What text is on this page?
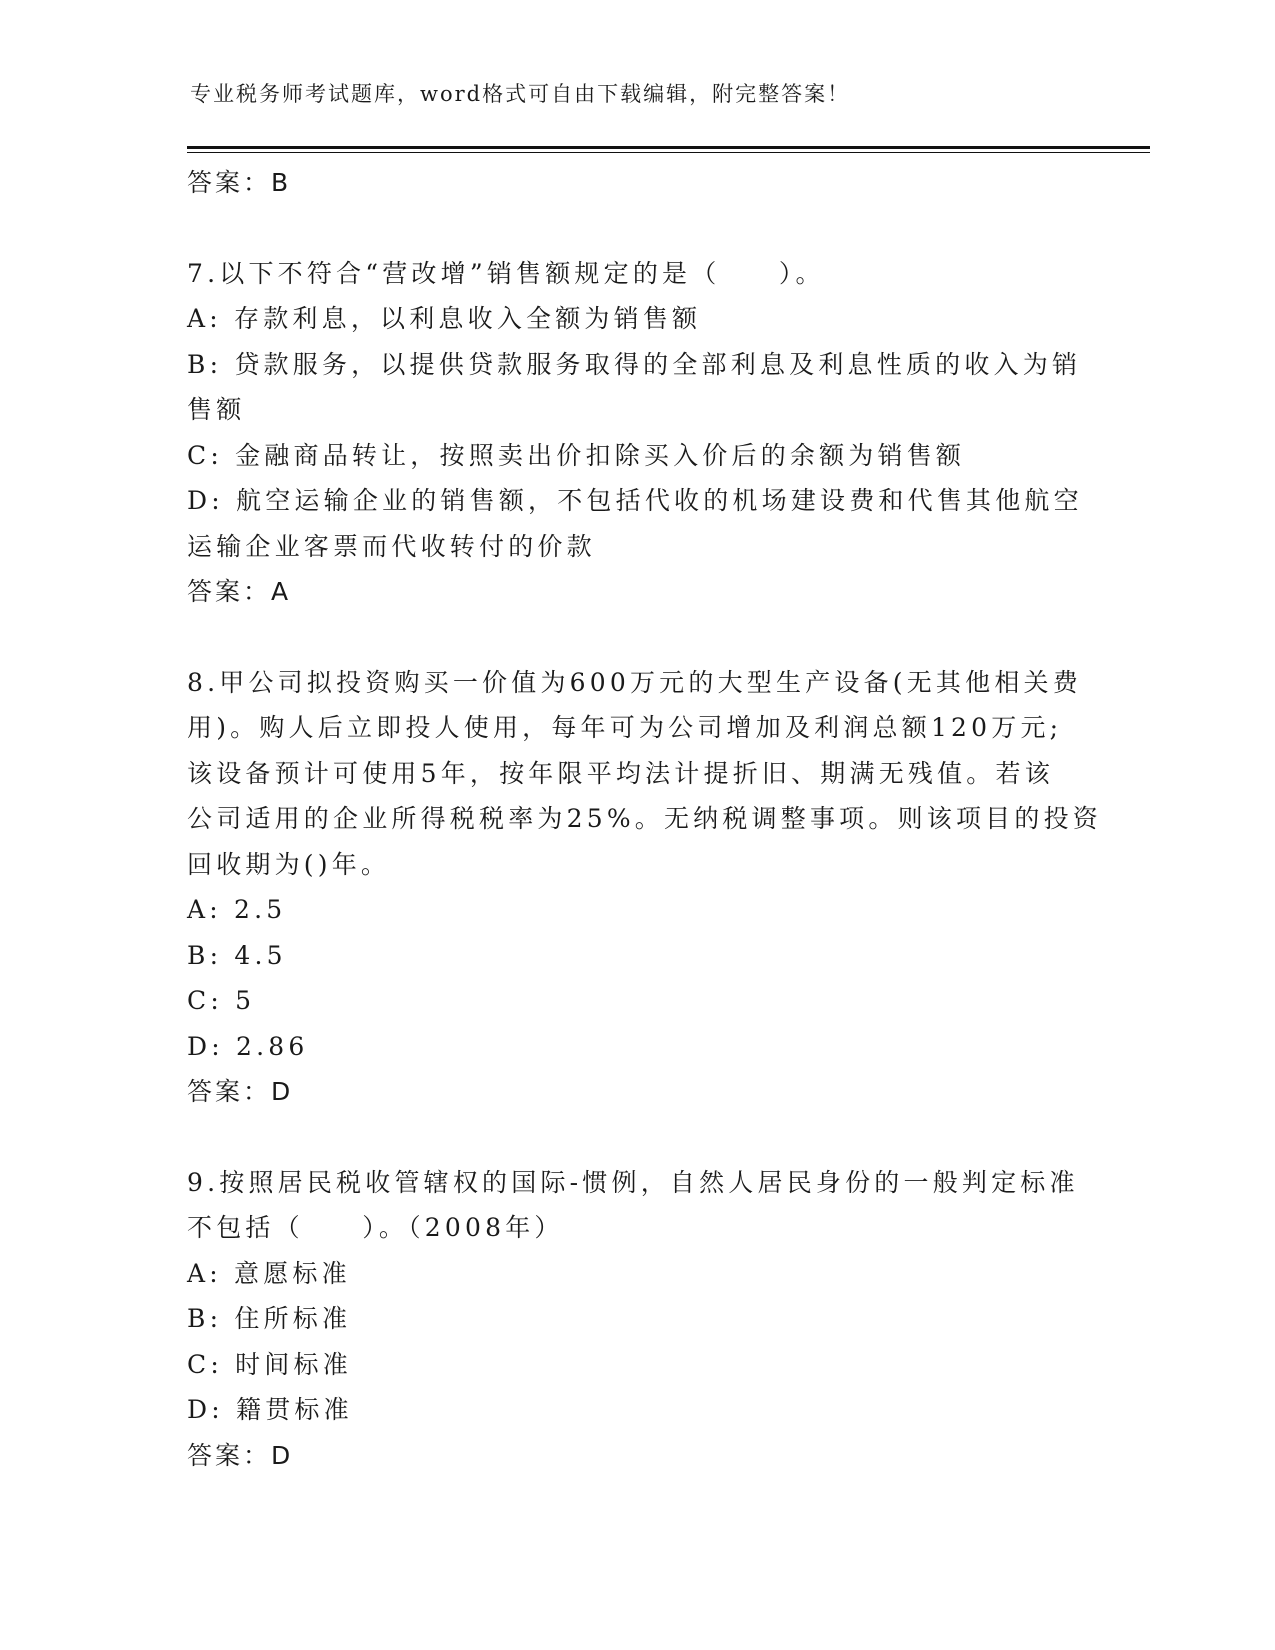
专业税务师考试题库，word格式可自由下载编辑，附完整答案！
答案：B
7.以下不符合“营改增”销售额规定的是（　　）。
A: 存款利息，以利息收入全额为销售额
B: 贷款服务，以提供贷款服务取得的全部利息及利息性质的收入为销
售额
C: 金融商品转让，按照卖出价扣除买入价后的余额为销售额
D: 航空运输企业的销售额，不包括代收的机场建设费和代售其他航空
运输企业客票而代收转付的价款
答案：A
8.甲公司拟投资购买一价值为600万元的大型生产设备(无其他相关费
用)。购人后立即投人使用，每年可为公司增加及利润总额120万元;
该设备预计可使用5年，按年限平均法计提折旧、期满无残值。若该
公司适用的企业所得税税率为25%。无纳税调整事项。则该项目的投资
回收期为()年。
A: 2.5
B: 4.5
C: 5
D: 2.86
答案：D
9.按照居民税收管辖权的国际-惯例，自然人居民身份的一般判定标准
不包括（　　）。（2008年）
A: 意愿标准
B: 住所标准
C: 时间标准
D: 籍贯标准
答案：D
